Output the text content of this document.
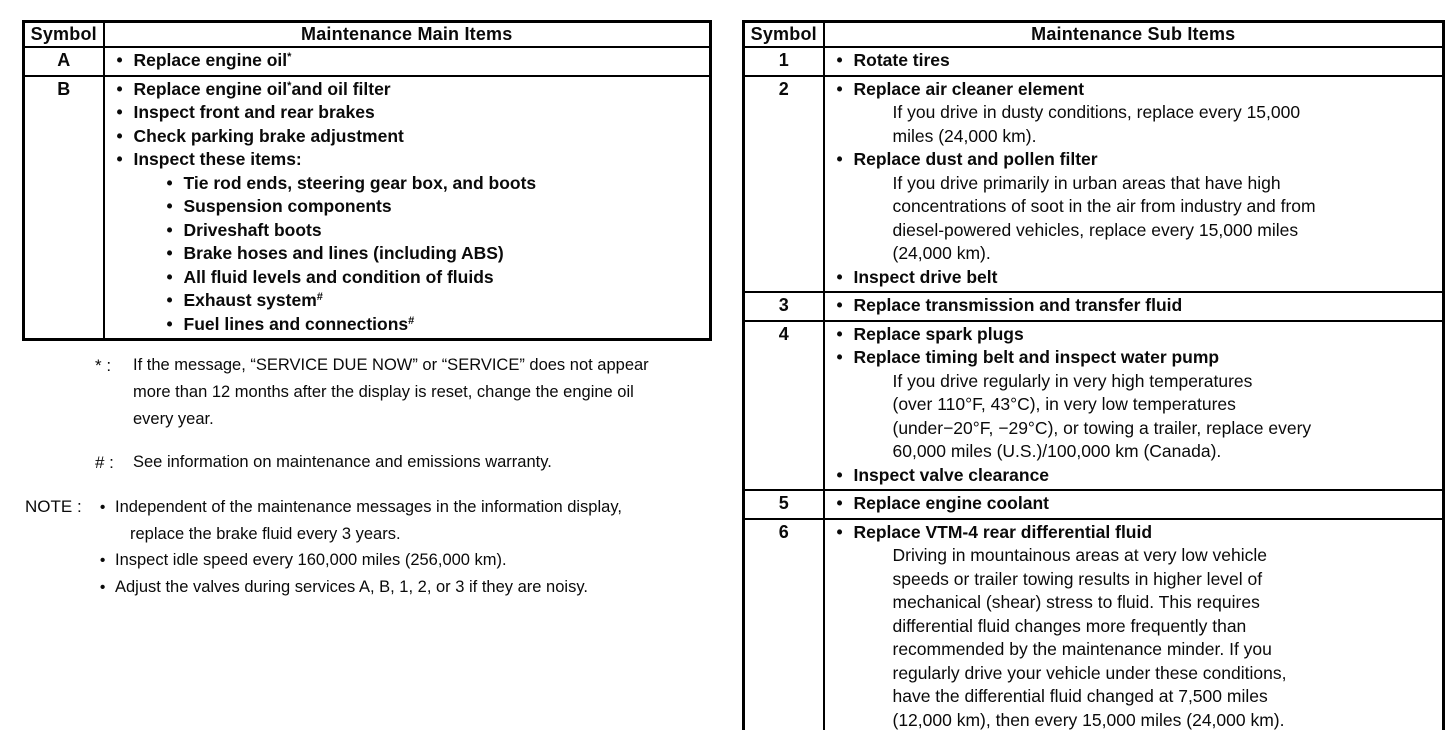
Symbol	Maintenance Main Items
A	• Replace engine oil*

B	• Replace engine oil*and oil filter
• Inspect front and rear brakes
• Check parking brake adjustment
• Inspect these items:
• Tie rod ends, steering gear box, and boots
• Suspension components
• Driveshaft boots
• Brake hoses and lines (including ABS)
• All fluid levels and condition of fluids
• Exhaust system#
• Fuel lines and connections#
Symbol	Maintenance Sub Items
1	• Rotate tires

2	• Replace air cleaner element
If you drive in dusty conditions, replace every 15,000
miles (24,000 km).
• Replace dust and pollen filter
If you drive primarily in urban areas that have high
concentrations of soot in the air from industry and from
diesel-powered vehicles, replace every 15,000 miles
(24,000 km).
• Inspect drive belt

3	• Replace transmission and transfer fluid

4	• Replace spark plugs
• Replace timing belt and inspect water pump
If you drive regularly in very high temperatures
(over 110°F, 43°C), in very low temperatures
(under−20°F, −29°C), or towing a trailer, replace every
60,000 miles (U.S.)/100,000 km (Canada).
• Inspect valve clearance

5	• Replace engine coolant

6	• Replace VTM-4 rear differential fluid
Driving in mountainous areas at very low vehicle
speeds or trailer towing results in higher level of
mechanical (shear) stress to fluid. This requires
differential fluid changes more frequently than
recommended by the maintenance minder. If you
regularly drive your vehicle under these conditions,
have the differential fluid changed at 7,500 miles
(12,000 km), then every 15,000 miles (24,000 km).
* :	If the message, “SERVICE DUE NOW” or “SERVICE” does not appear
more than 12 months after the display is reset, change the engine oil
every year.
# :	See information on maintenance and emissions warranty.
NOTE :	• Independent of the maintenance messages in the information display,
replace the brake fluid every 3 years.
• Inspect idle speed every 160,000 miles (256,000 km).
• Adjust the valves during services A, B, 1, 2, or 3 if they are noisy.
